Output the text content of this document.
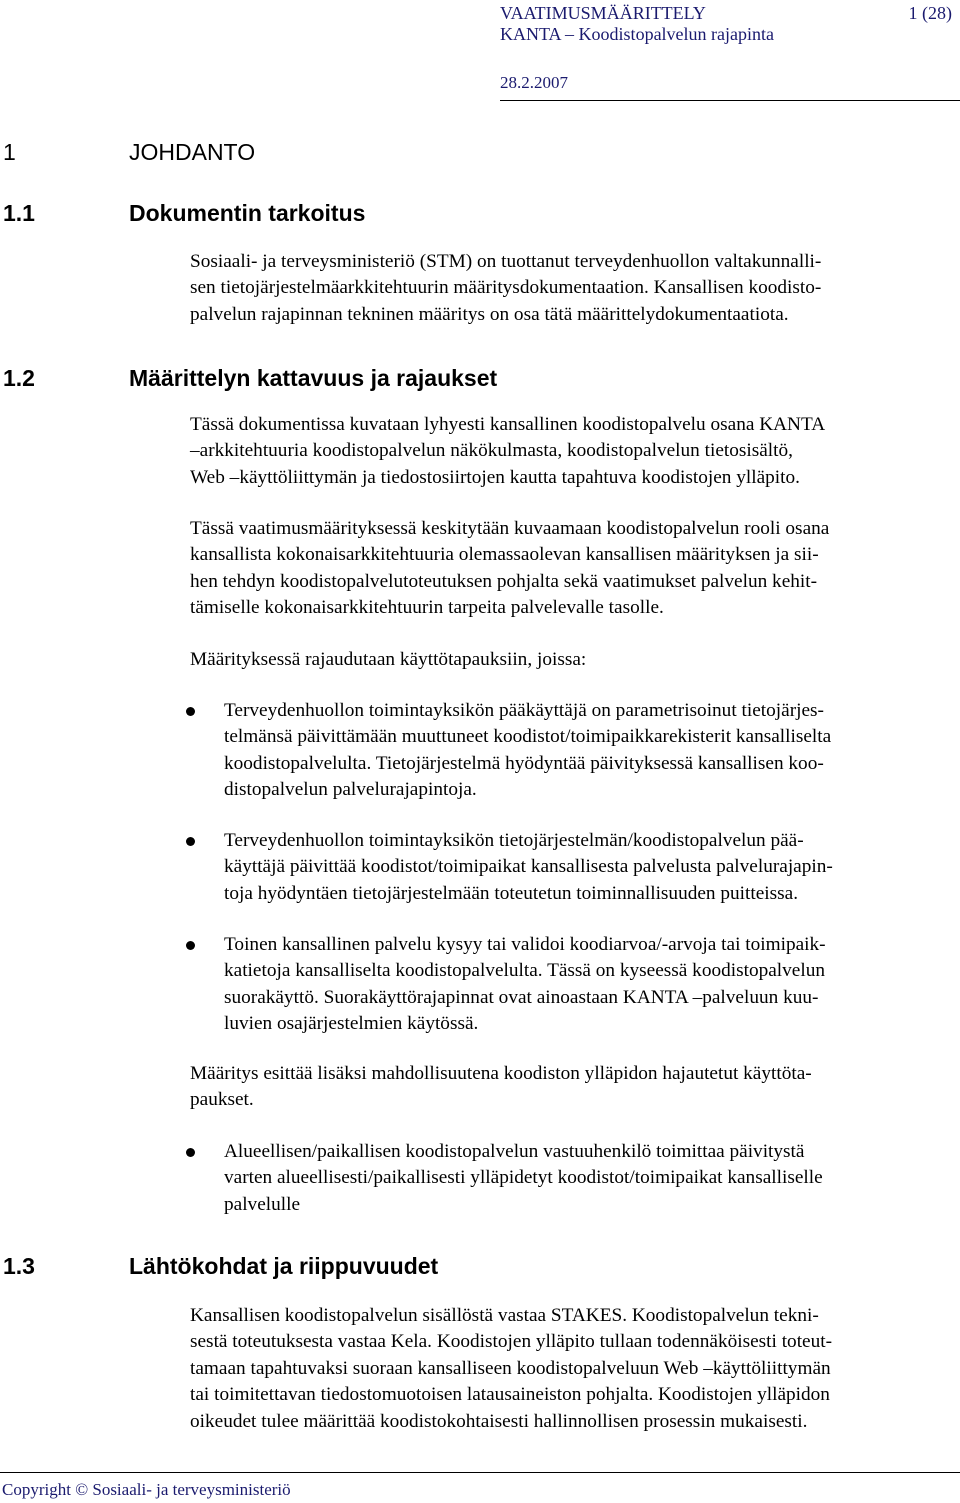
VAATIMUSMÄÄRITTELY	1 (28)
KANTA – Koodistopalvelun rajapinta
28.2.2007
1	JOHDANTO
1.1	Dokumentin tarkoitus
Sosiaali- ja terveysministeriö (STM) on tuottanut terveydenhuollon valtakunnalli-
sen tietojärjestelmäarkkitehtuurin määritysdokumentaation. Kansallisen koodisto-
palvelun rajapinnan tekninen määritys on osa tätä määrittelydokumentaatiota.
1.2	Määrittelyn kattavuus ja rajaukset
Tässä dokumentissa kuvataan lyhyesti kansallinen koodistopalvelu osana KANTA
–arkkitehtuuria koodistopalvelun näkökulmasta, koodistopalvelun tietosisältö,
Web –käyttöliittymän ja tiedostosiirtojen kautta tapahtuva koodistojen ylläpito.
Tässä vaatimusmäärityksessä keskitytään kuvaamaan koodistopalvelun rooli osana
kansallista kokonaisarkkitehtuuria olemassaolevan kansallisen määrityksen ja sii-
hen tehdyn koodistopalvelutoteutuksen pohjalta sekä vaatimukset palvelun kehit-
tämiselle kokonaisarkkitehtuurin tarpeita palvelevalle tasolle.
Määrityksessä rajaudutaan käyttötapauksiin, joissa:
Terveydenhuollon toimintayksikön pääkäyttäjä on parametrisoinut tietojärjes-
telmänsä päivittämään muuttuneet koodistot/toimipaikkarekisterit kansalliselta
koodistopalvelulta. Tietojärjestelmä hyödyntää päivityksessä kansallisen koo-
distopalvelun palvelurajapintoja.
Terveydenhuollon toimintayksikön tietojärjestelmän/koodistopalvelun pää-
käyttäjä päivittää koodistot/toimipaikat kansallisesta palvelusta palvelurajapin-
toja hyödyntäen tietojärjestelmään toteutetun toiminnallisuuden puitteissa.
Toinen kansallinen palvelu kysyy tai validoi koodiarvoa/-arvoja tai toimipaik-
katietoja kansalliselta koodistopalvelulta. Tässä on kyseessä koodistopalvelun
suorakäyttö. Suorakäyttörajapinnat ovat ainoastaan KANTA –palveluun kuu-
luvien osajärjestelmien käytössä.
Määritys esittää lisäksi mahdollisuutena koodiston ylläpidon hajautetut käyttöta-
paukset.
Alueellisen/paikallisen koodistopalvelun vastuuhenkilö toimittaa päivitystä
varten alueellisesti/paikallisesti ylläpidetyt koodistot/toimipaikat kansalliselle
palvelulle
1.3	Lähtökohdat ja riippuvuudet
Kansallisen koodistopalvelun sisällöstä vastaa STAKES. Koodistopalvelun tekni-
sestä toteutuksesta vastaa Kela. Koodistojen ylläpito tullaan todennäköisesti toteut-
tamaan tapahtuvaksi suoraan kansalliseen koodistopalveluun Web –käyttöliittymän
tai toimitettavan tiedostomuotoisen latausaineiston pohjalta. Koodistojen ylläpidon
oikeudet tulee määrittää koodistokohtaisesti hallinnollisen prosessin mukaisesti.
Copyright © Sosiaali- ja terveysministeriö
